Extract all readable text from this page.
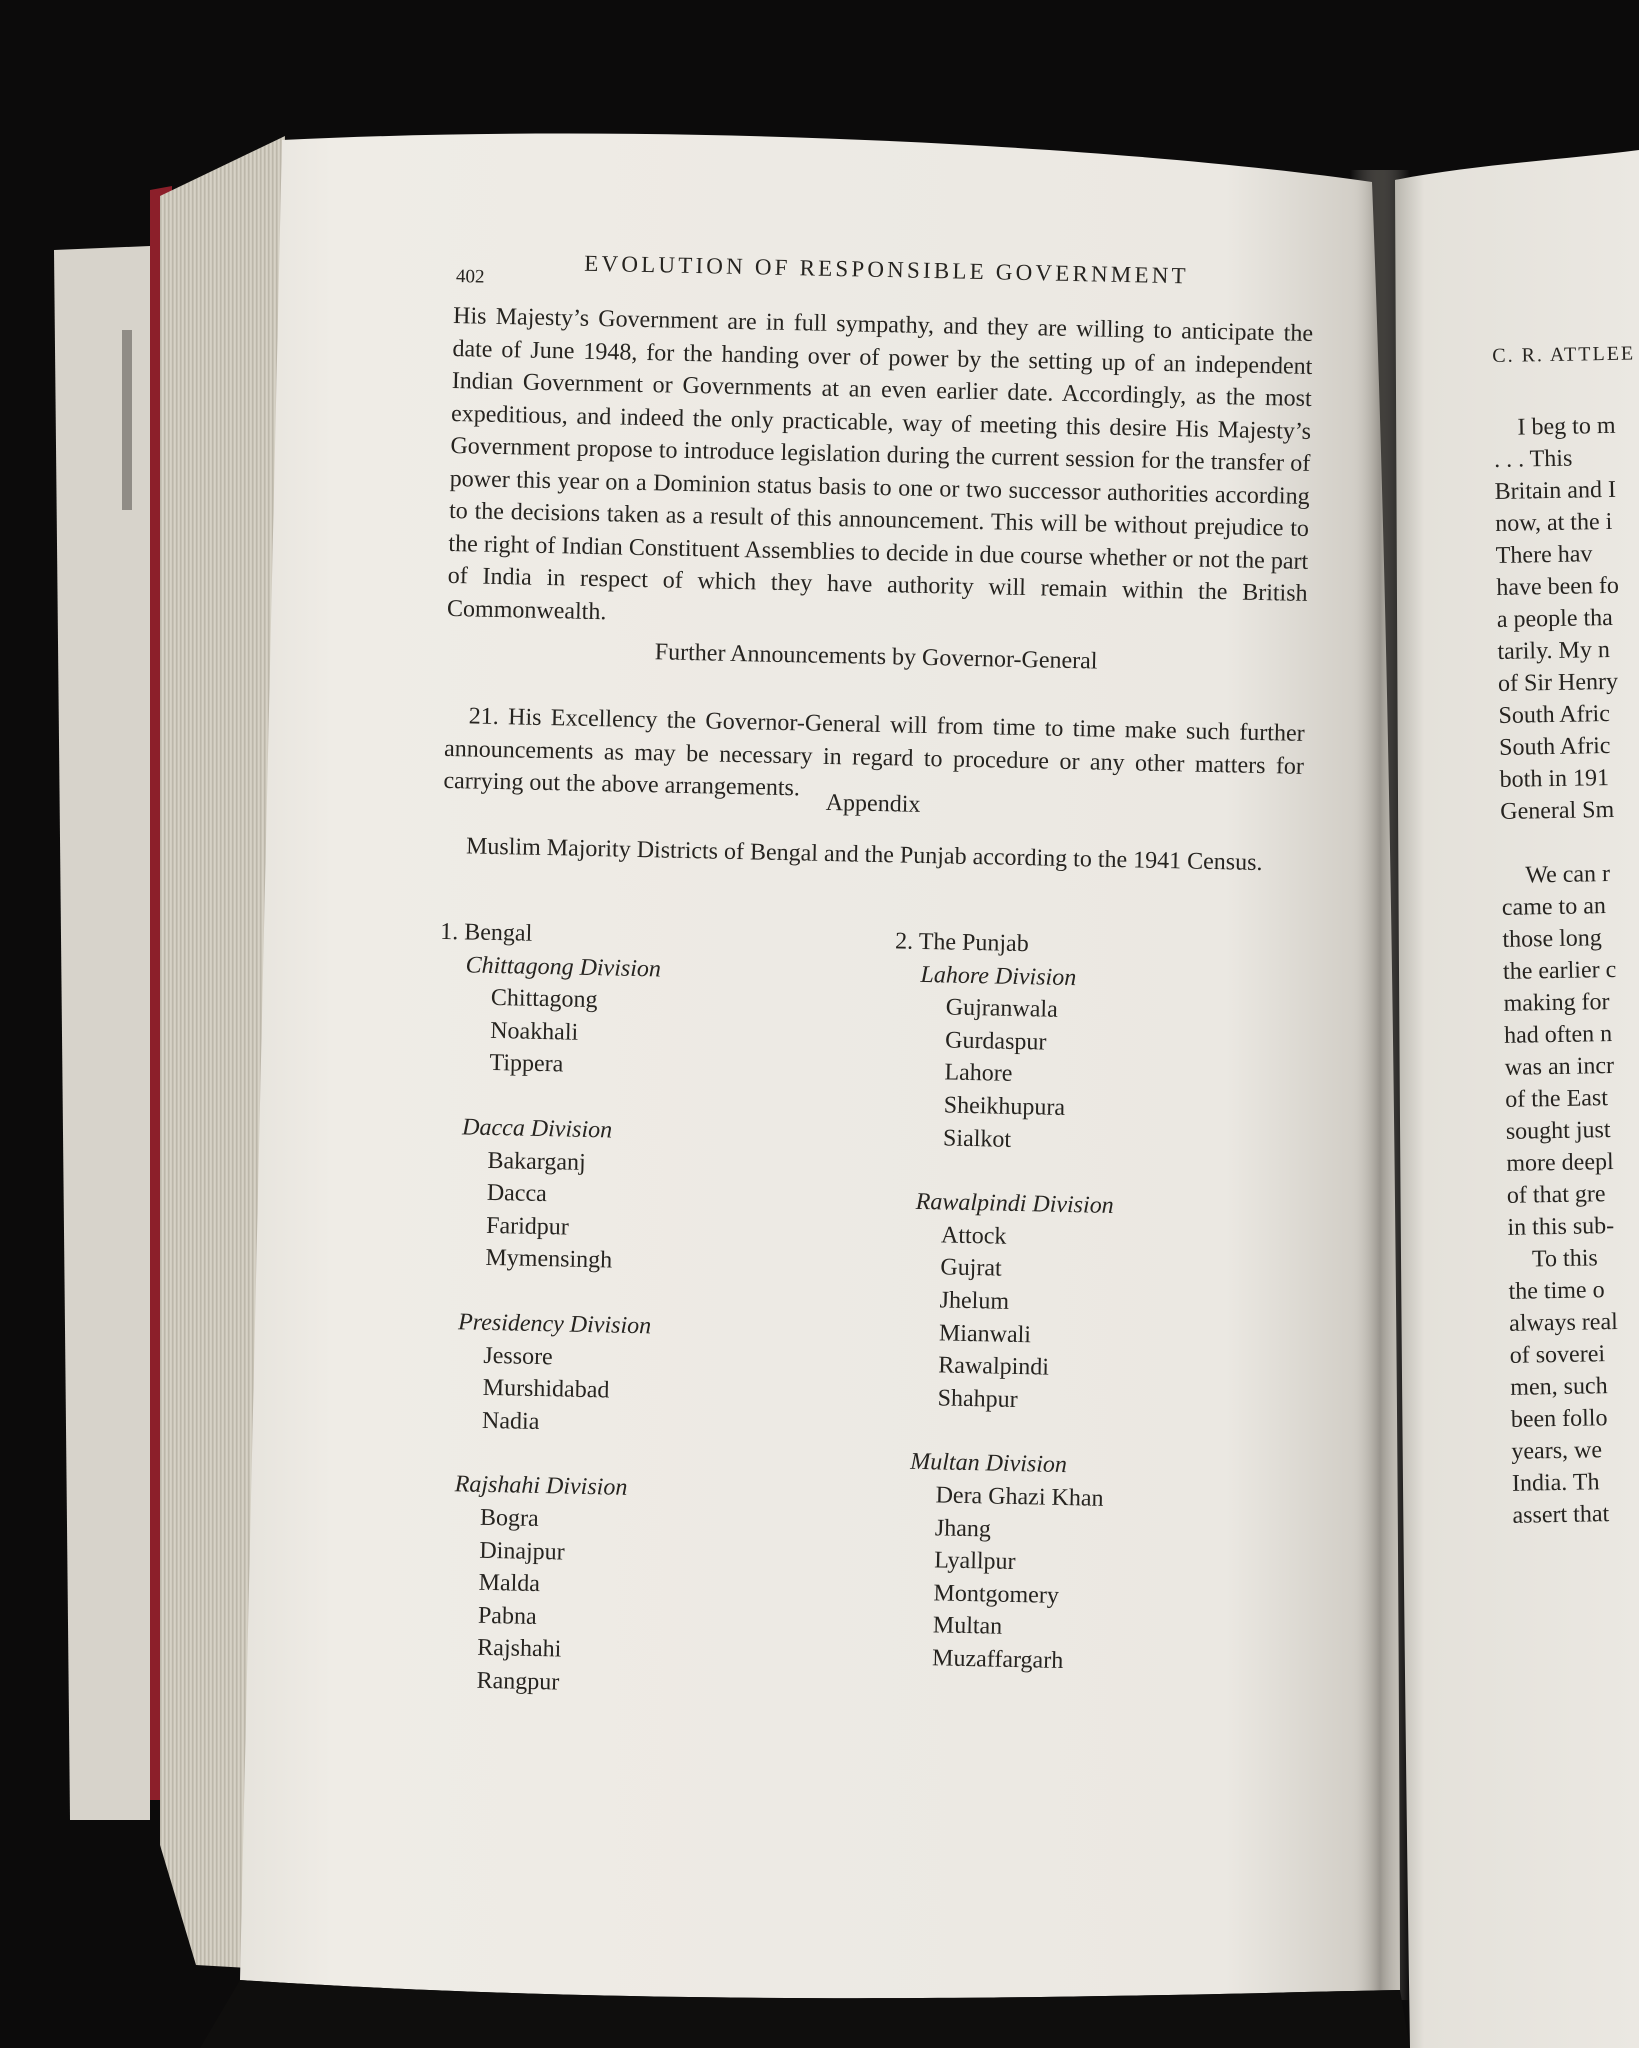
402	EVOLUTION OF RESPONSIBLE GOVERNMENT

His Majesty’s Government are in full sympathy, and they are willing to anticipate the date of June 1948, for the handing over of power by the setting up of an independent Indian Government or Governments at an even earlier date. Accordingly, as the most expeditious, and indeed the only practicable, way of meeting this desire His Majesty’s Government propose to introduce legislation during the current session for the transfer of power this year on a Dominion status basis to one or two successor authorities according to the decisions taken as a result of this announcement. This will be without prejudice to the right of Indian Constituent Assemblies to decide in due course whether or not the part of India in respect of which they have authority will remain within the British Commonwealth.

Further Announcements by Governor-General

21. His Excellency the Governor-General will from time to time make such further announcements as may be necessary in regard to procedure or any other matters for carrying out the above arrangements.

Appendix

Muslim Majority Districts of Bengal and the Punjab according to the 1941 Census.

1. Bengal
Chittagong Division
Chittagong
Noakhali
Tippera
Dacca Division
Bakarganj
Dacca
Faridpur
Mymensingh
Presidency Division
Jessore
Murshidabad
Nadia
Rajshahi Division
Bogra
Dinajpur
Malda
Pabna
Rajshahi
Rangpur
2. The Punjab
Lahore Division
Gujranwala
Gurdaspur
Lahore
Sheikhupura
Sialkot
Rawalpindi Division
Attock
Gujrat
Jhelum
Mianwali
Rawalpindi
Shahpur
Multan Division
Dera Ghazi Khan
Jhang
Lyallpur
Montgomery
Multan
Muzaffargarh
C. R. ATTLEE
I beg to m
. . . This
Britain and I
now, at the i
There hav
have been fo
a people tha
tarily. My n
of Sir Henry
South Afric
South Afric
both in 191
General Sm
We can r
came to an
those long
the earlier c
making for
had often n
was an incr
of the East
sought just
more deepl
of that gre
in this sub-
To this
the time o
always real
of soverei
men, such
been follo
years, we
India. Th
assert that
